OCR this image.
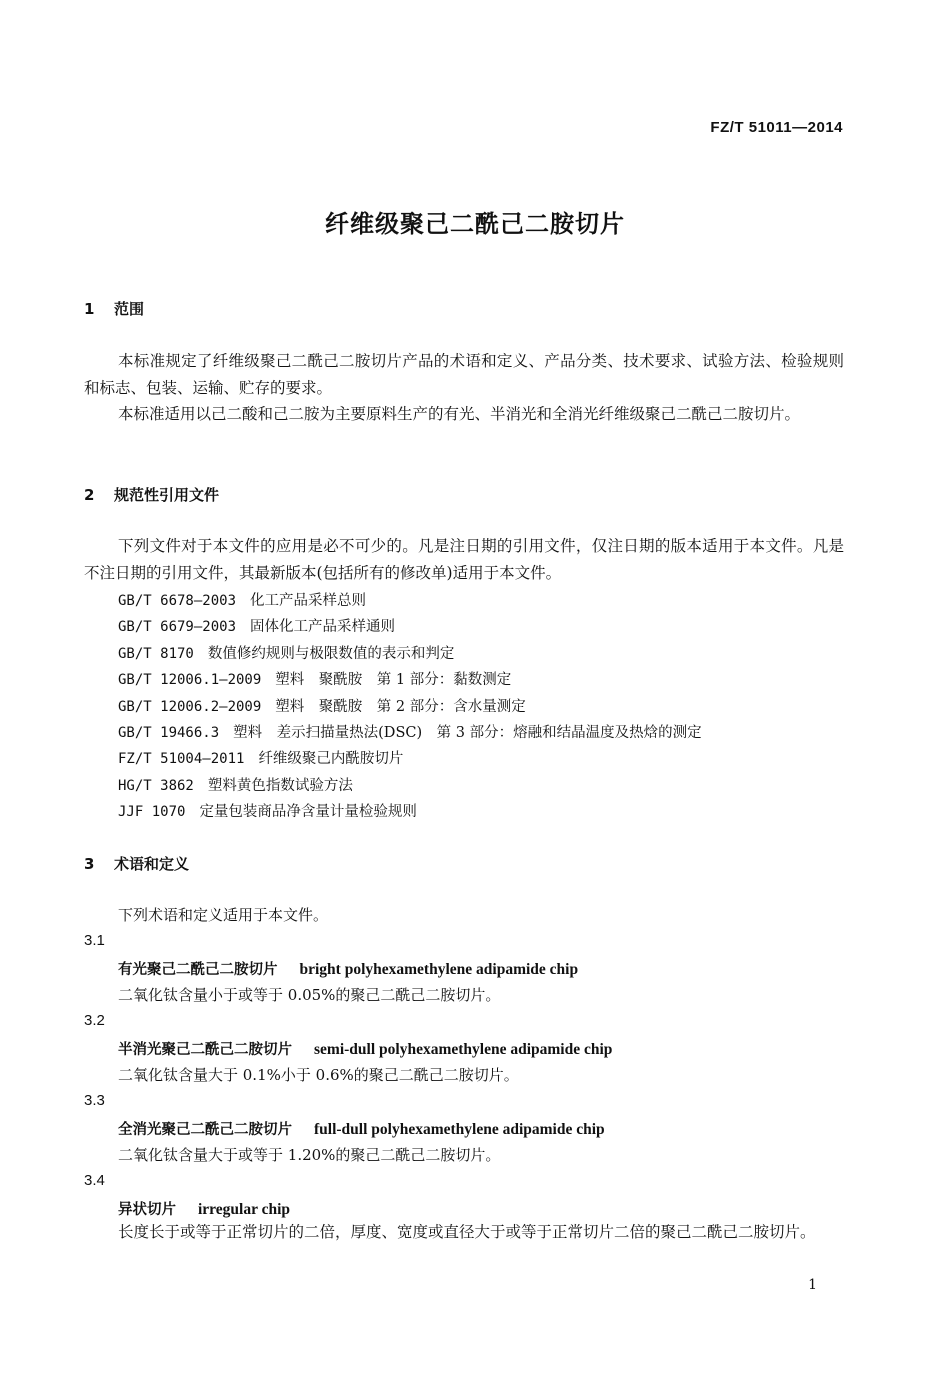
FZ/T 51011—2014
纤维级聚己二酰己二胺切片
1 范围
本标准规定了纤维级聚己二酰己二胺切片产品的术语和定义、产品分类、技术要求、试验方法、检验规则和标志、包装、运输、贮存的要求。
本标准适用以己二酸和己二胺为主要原料生产的有光、半消光和全消光纤维级聚己二酰己二胺切片。
2 规范性引用文件
下列文件对于本文件的应用是必不可少的。凡是注日期的引用文件，仅注日期的版本适用于本文件。凡是不注日期的引用文件，其最新版本(包括所有的修改单)适用于本文件。
GB/T 6678—2003 化工产品采样总则
GB/T 6679—2003 固体化工产品采样通则
GB/T 8170 数值修约规则与极限数值的表示和判定
GB/T 12006.1—2009 塑料　聚酰胺　第 1 部分：黏数测定
GB/T 12006.2—2009 塑料　聚酰胺　第 2 部分：含水量测定
GB/T 19466.3 塑料　差示扫描量热法(DSC)　第 3 部分：熔融和结晶温度及热焓的测定
FZ/T 51004—2011 纤维级聚己内酰胺切片
HG/T 3862 塑料黄色指数试验方法
JJF 1070 定量包装商品净含量计量检验规则
3 术语和定义
下列术语和定义适用于本文件。
3.1
有光聚己二酰己二胺切片 bright polyhexamethylene adipamide chip
二氧化钛含量小于或等于 0.05%的聚己二酰己二胺切片。
3.2
半消光聚己二酰己二胺切片 semi-dull polyhexamethylene adipamide chip
二氧化钛含量大于 0.1%小于 0.6%的聚己二酰己二胺切片。
3.3
全消光聚己二酰己二胺切片 full-dull polyhexamethylene adipamide chip
二氧化钛含量大于或等于 1.20%的聚己二酰己二胺切片。
3.4
异状切片 irregular chip
长度长于或等于正常切片的二倍，厚度、宽度或直径大于或等于正常切片二倍的聚己二酰己二胺切片。
1
